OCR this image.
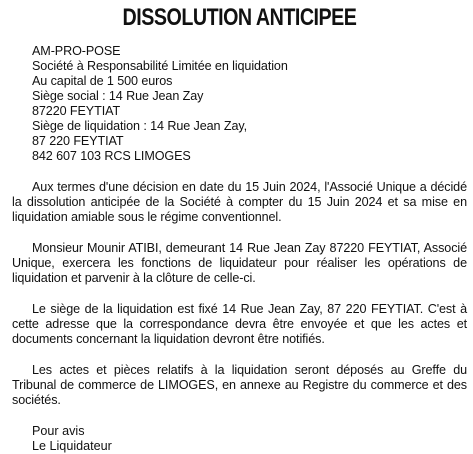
DISSOLUTION ANTICIPEE
AM-PRO-POSE
Société à Responsabilité Limitée en liquidation
Au capital de 1 500 euros
Siège social : 14 Rue Jean Zay
87220 FEYTIAT
Siège de liquidation : 14 Rue Jean Zay,
87 220 FEYTIAT
842 607 103 RCS LIMOGES

Aux termes d'une décision en date du 15 Juin 2024, l'Associé Unique a décidé la dissolution anticipée de la Société à compter du 15 Juin 2024 et sa mise en liquidation amiable sous le régime conventionnel.

Monsieur Mounir ATIBI, demeurant 14 Rue Jean Zay 87220 FEYTIAT, Associé Unique, exercera les fonctions de liquidateur pour réaliser les opérations de liquidation et parvenir à la clôture de celle-ci.

Le siège de la liquidation est fixé 14 Rue Jean Zay, 87 220 FEYTIAT. C'est à cette adresse que la correspondance devra être envoyée et que les actes et documents concernant la liquidation devront être notifiés.

Les actes et pièces relatifs à la liquidation seront déposés au Greffe du Tribunal de commerce de LIMOGES, en annexe au Registre du commerce et des sociétés.

Pour avis
Le Liquidateur
